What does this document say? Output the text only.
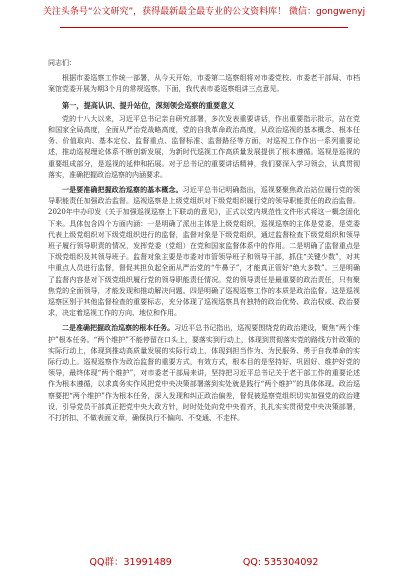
关注头条号“公文研究”，获得最新最全最专业的公文资料库！ 微信：gongwenyj

同志们：

根据市委巡察工作统一部署，从今天开始，市委第二巡察组将对市委党校、市委老干部局、市档案馆党委开展为期3个月的常规巡察。下面，我代表市委巡察组讲三点意见。

第一，提高认识、提升站位，深刻领会巡察的重要意义

党的十八大以来，习近平总书记亲自研究部署，多次发表重要讲话，作出重要指示批示，站在党和国家全局高度，全面从严治党战略高度，党的自我革命政治高度，从政治巡视的基本概念、根本任务、价值取向、基本定位、监督重点、监督标准、监督路径等方面，对巡视工作作出一系列重要论述，推动巡视理论体系不断创新发展，为新时代巡视工作高质量发展提供了根本遵循。巡视是巡视的重要组成部分，是巡视的延伸和拓展。对于总书记的重要讲话精神，我们要深入学习领会，认真贯彻落实，准确把握政治巡察的内涵要求。

一是要准确把握政治巡察的基本概念。习近平总书记明确指出，巡视要聚焦政治站位履行党的领导职能责任加强政治监督。巡视巡察是上级党组织对下级党组织履行党的领导职能责任的政治监督。2020年中办印发《关于加强巡视巡察上下联动的意见》，正式以党内规范性文件形式将这一概念固化下来。具体包含四个方面内涵：一是明确了派出主体是上级党组织，巡视巡察的主体是党委，是党委代表上级党组织对下级党组织进行的监督，监督对象是下级党组织，通过监督检查下级党组织和领导班子履行领导职责的情况，发挥党委（党组）在党和国家监督体系中的作用。二是明确了监督重点是下级党组织及其领导班子。监督对象主要是市委对市管领导班子和领导干部，抓住“关键少数”，对其中重点人员进行监督，督促其担负起全面从严治党的“牛鼻子”，才能真正管好“绝大多数”。三是明确了监督内容是对下级党组织履行党的领导职能责任情况。党的领导责任是最重要的政治责任，只有聚焦党的全面领导，才能发现和推动解决问题。四是明确了巡视巡察工作的本质是政治监督。这是巡视巡察区别于其他监督检查的重要标志，充分体现了巡视巡察具有独特的政治优势、政治权威、政治要求，决定着巡视工作的方向、地位和作用。

二是准确把握政治巡察的根本任务。习近平总书记指出，巡视要围绕党的政治建设，聚焦“两个维护”根本任务。“两个维护”不能停留在口头上，要落实到行动上，体现到贯彻落实党的路线方针政策的实际行动上，体现到推动高质量发展的实际行动上，体现到担当作为、为民服务、勇于自我革命的实际行动上。巡视巡察作为政治监督的重要方式，有效方式，根本目的是坚持好、巩固好、维护好党的领导，最终体现“两个维护”，对市委老干部局来讲，坚持把习近平总书记关于老干部工作的重要论述作为根本遵循，以求真务实作风把党中央决策部署落到实处就是践行“两个维护”的具体体现。政治巡察要把“两个维护”作为根本任务，深入发现和纠正政治偏差，督促被巡察党组织切实加强党的政治建设，引导党员干部真正把党中央大政方针，时时处处向党中央看齐，扎扎实实贯彻党中央决策部署，不打折扣、不做表面文章，确保执行不偏向、不变通、不走样。

QQ群：31991489	QQ: 535304092
